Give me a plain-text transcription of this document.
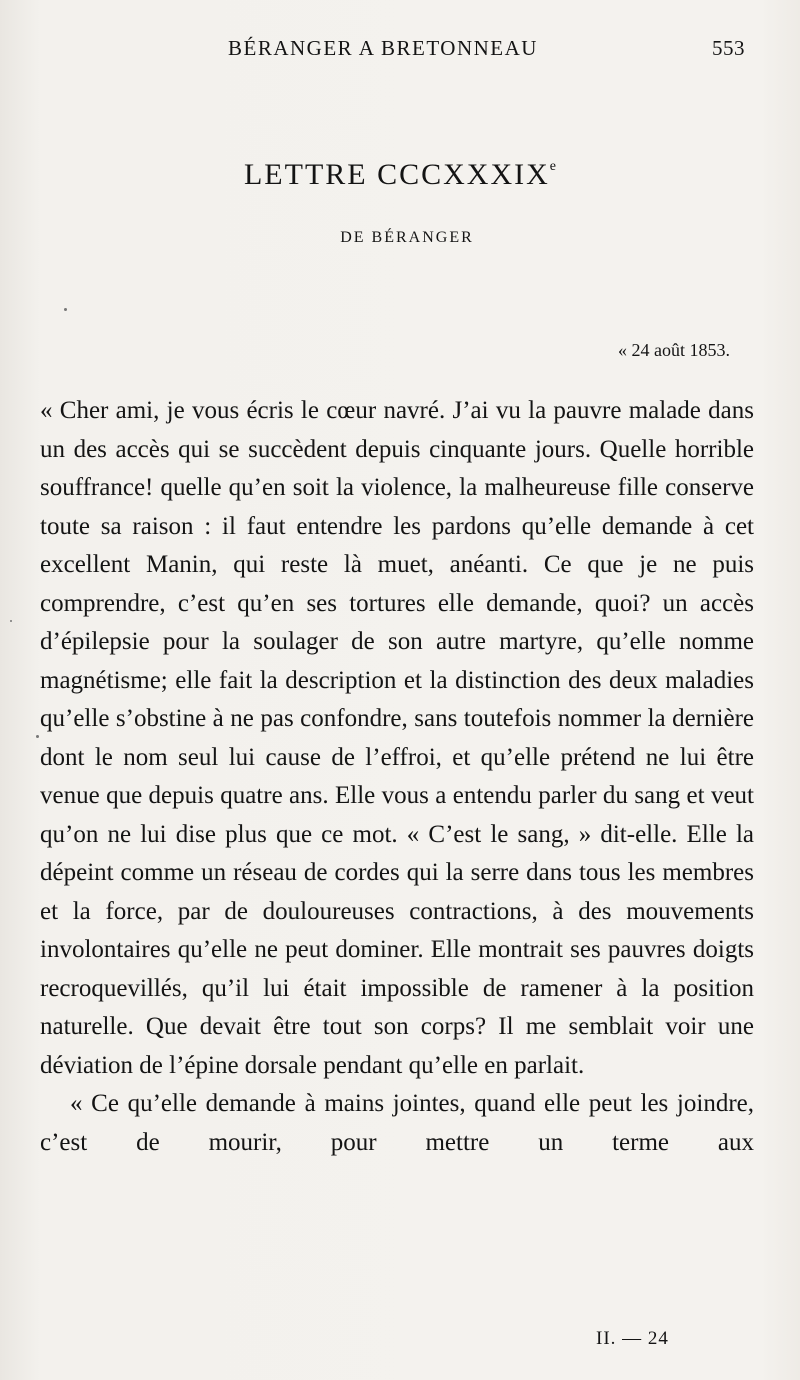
BÉRANGER A BRETONNEAU	553
LETTRE CCCXXXIXe
DE BÉRANGER
« 24 août 1853.

« Cher ami, je vous écris le cœur navré. J’ai vu la pauvre malade dans un des accès qui se succèdent depuis cinquante jours. Quelle horrible souffrance! quelle qu’en soit la violence, la malheureuse fille conserve toute sa raison : il faut entendre les pardons qu’elle demande à cet excellent Manin, qui reste là muet, anéanti. Ce que je ne puis comprendre, c’est qu’en ses tortures elle demande, quoi? un accès d’épilepsie pour la soulager de son autre martyre, qu’elle nomme magnétisme; elle fait la description et la distinction des deux maladies qu’elle s’obstine à ne pas confondre, sans toutefois nommer la dernière dont le nom seul lui cause de l’effroi, et qu’elle prétend ne lui être venue que depuis quatre ans. Elle vous a entendu parler du sang et veut qu’on ne lui dise plus que ce mot. « C’est le sang, » dit-elle. Elle la dépeint comme un réseau de cordes qui la serre dans tous les membres et la force, par de douloureuses contractions, à des mouvements involontaires qu’elle ne peut dominer. Elle montrait ses pauvres doigts recroquevillés, qu’il lui était impossible de ramener à la position naturelle. Que devait être tout son corps? Il me semblait voir une déviation de l’épine dorsale pendant qu’elle en parlait.

« Ce qu’elle demande à mains jointes, quand elle peut les joindre, c’est de mourir, pour mettre un terme aux

II. — 24
